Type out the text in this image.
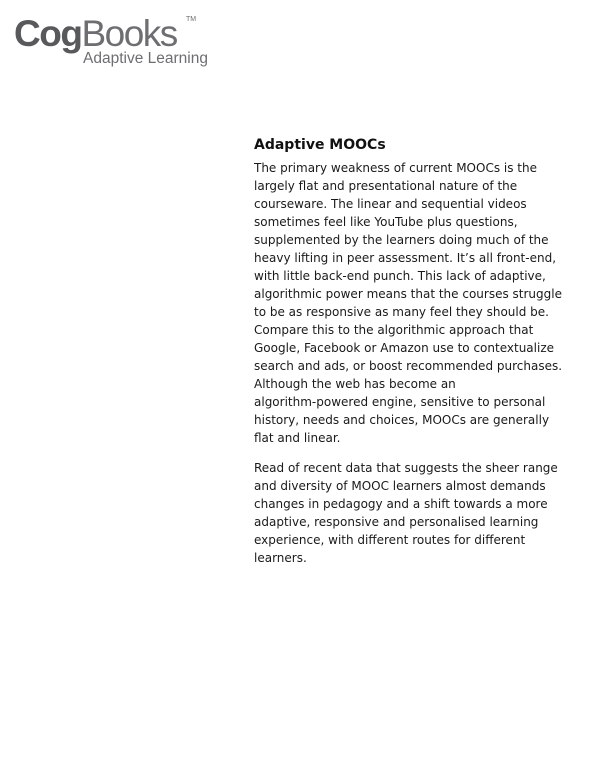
CogBooks TM
Adaptive Learning
Adaptive MOOCs

The primary weakness of current MOOCs is the
largely flat and presentational nature of the
courseware. The linear and sequential videos
sometimes feel like YouTube plus questions,
supplemented by the learners doing much of the
heavy lifting in peer assessment. It’s all front-end,
with little back-end punch. This lack of adaptive,
algorithmic power means that the courses struggle
to be as responsive as many feel they should be.
Compare this to the algorithmic approach that
Google, Facebook or Amazon use to contextualize
search and ads, or boost recommended purchases.
Although the web has become an
algorithm-powered engine, sensitive to personal
history, needs and choices, MOOCs are generally
flat and linear.

Read of recent data that suggests the sheer range
and diversity of MOOC learners almost demands
changes in pedagogy and a shift towards a more
adaptive, responsive and personalised learning
experience, with different routes for different
learners.
